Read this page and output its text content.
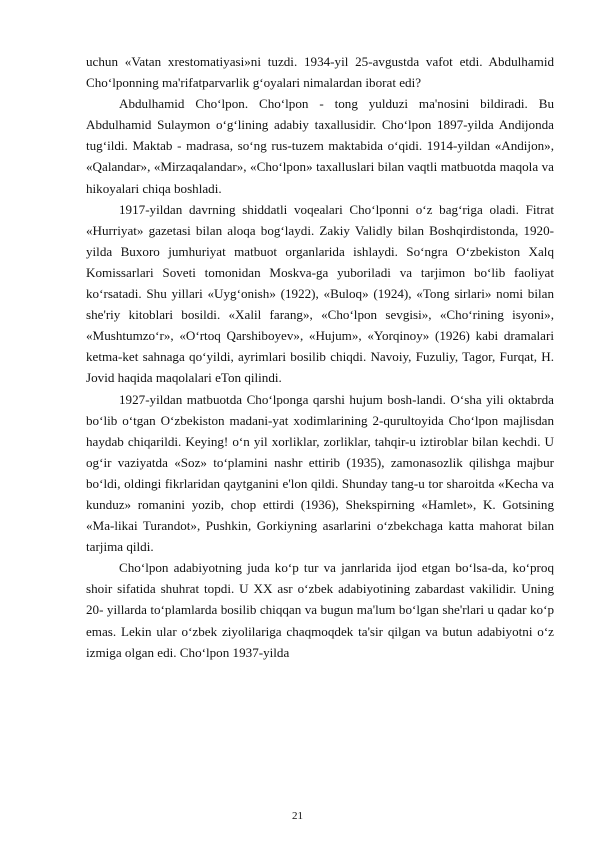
uchun «Vatan xrestomatiyasi»ni tuzdi. 1934-yil 25-avgustda vafot etdi. Abdulhamid Cho‘lponning ma'rifatparvarlik g‘oyalari nimalardan iborat edi?

Abdulhamid Cho‘lpon. Cho‘lpon - tong yulduzi ma'nosini bildiradi. Bu Abdulhamid Sulaymon o‘g‘lining adabiy taxallusidir. Cho‘lpon 1897-yilda Andijonda tug‘ildi. Maktab - madrasa, so‘ng rus-tuzem maktabida o‘qidi. 1914-yildan «Andijon», «Qalandar», «Mirzaqalandar», «Cho‘lpon» taxalluslari bilan vaqtli matbuotda maqola va hikoyalari chiqa boshladi.

1917-yildan davrning shiddatli voqealari Cho‘lponni o‘z bag‘riga oladi. Fitrat «Hurriyat» gazetasi bilan aloqa bog‘laydi. Zakiy Validly bilan Boshqirdistonda, 1920-yilda Buxoro jumhuriyat matbuot organlarida ishlaydi. So‘ngra O‘zbekiston Xalq Komissarlari Soveti tomonidan Moskva-ga yuboriladi va tarjimon bo‘lib faoliyat ko‘rsatadi. Shu yillari «Uyg‘onish» (1922), «Buloq» (1924), «Tong sirlari» nomi bilan she'riy kitoblari bosildi. «Xalil farang», «Cho‘lpon sevgisi», «Cho‘rining isyoni», «Mushtumzo‘r», «O‘rtoq Qarshiboyev», «Hujum», «Yorqinoy» (1926) kabi dramalari ketma-ket sahnaga qo‘yildi, ayrimlari bosilib chiqdi. Navoiy, Fuzuliy, Tagor, Furqat, H. Jovid haqida maqolalari eTon qilindi.

1927-yildan matbuotda Cho‘lponga qarshi hujum bosh-landi. O‘sha yili oktabrda bo‘lib o‘tgan O‘zbekiston madani-yat xodimlarining 2-qurultoyida Cho‘lpon majlisdan haydab chiqarildi. Keying! o‘n yil xorliklar, zorliklar, tahqir-u iztiroblar bilan kechdi. U og‘ir vaziyatda «Soz» to‘plamini nashr ettirib (1935), zamonasozlik qilishga majbur bo‘ldi, oldingi fikrlaridan qaytganini e'lon qildi. Shunday tang-u tor sharoitda «Kecha va kunduz» romanini yozib, chop ettirdi (1936), Shekspirning «Hamlet», K. Gotsining «Ma-likai Turandot», Pushkin, Gorkiyning asarlarini o‘zbekchaga katta mahorat bilan tarjima qildi.

Cho‘lpon adabiyotning juda ko‘p tur va janrlarida ijod etgan bo‘lsa-da, ko‘proq shoir sifatida shuhrat topdi. U XX asr o‘zbek adabiyotining zabardast vakilidir. Uning 20- yillarda to‘plamlarda bosilib chiqqan va bugun ma'lum bo‘lgan she'rlari u qadar ko‘p emas. Lekin ular o‘zbek ziyolilariga chaqmoqdek ta'sir qilgan va butun adabiyotni o‘z izmiga olgan edi. Cho‘lpon 1937-yilda

21
